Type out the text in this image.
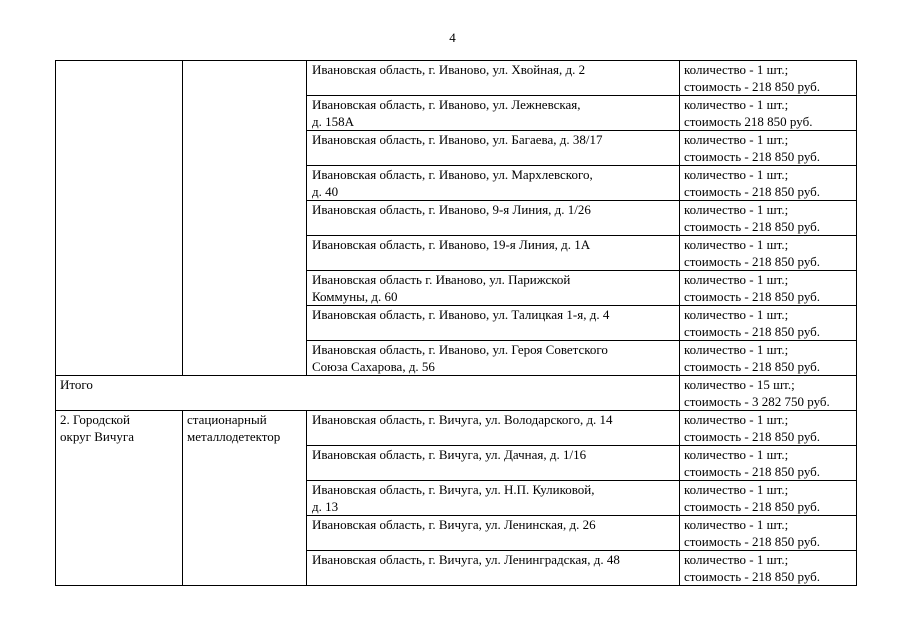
4

		Ивановская область, г. Иваново, ул. Хвойная, д. 2	количество - 1 шт.;
стоимость - 218 850 руб.

		Ивановская область, г. Иваново, ул. Лежневская,
д. 158А	количество - 1 шт.;
стоимость 218 850 руб.

		Ивановская область, г. Иваново, ул. Багаева, д. 38/17	количество - 1 шт.;
стоимость - 218 850 руб.

		Ивановская область, г. Иваново, ул. Мархлевского,
д. 40	количество - 1 шт.;
стоимость - 218 850 руб.

		Ивановская область, г. Иваново, 9-я Линия, д. 1/26	количество - 1 шт.;
стоимость - 218 850 руб.

		Ивановская область, г. Иваново, 19-я Линия, д. 1А	количество - 1 шт.;
стоимость - 218 850 руб.

		Ивановская область г. Иваново, ул. Парижской
Коммуны, д. 60	количество - 1 шт.;
стоимость - 218 850 руб.

		Ивановская область, г. Иваново, ул. Талицкая 1-я, д. 4	количество - 1 шт.;
стоимость - 218 850 руб.

		Ивановская область, г. Иваново, ул. Героя Советского
Союза Сахарова, д. 56	количество - 1 шт.;
стоимость - 218 850 руб.

Итого			количество - 15 шт.;
стоимость - 3 282 750 руб.

2. Городской
округ Вичуга	стационарный
металлодетектор	Ивановская область, г. Вичуга, ул. Володарского, д. 14	количество - 1 шт.;
стоимость - 218 850 руб.

		Ивановская область, г. Вичуга, ул. Дачная, д. 1/16	количество - 1 шт.;
стоимость - 218 850 руб.

		Ивановская область, г. Вичуга, ул. Н.П. Куликовой,
д. 13	количество - 1 шт.;
стоимость - 218 850 руб.

		Ивановская область, г. Вичуга, ул. Ленинская, д. 26	количество - 1 шт.;
стоимость - 218 850 руб.

		Ивановская область, г. Вичуга, ул. Ленинградская, д. 48	количество - 1 шт.;
стоимость - 218 850 руб.
